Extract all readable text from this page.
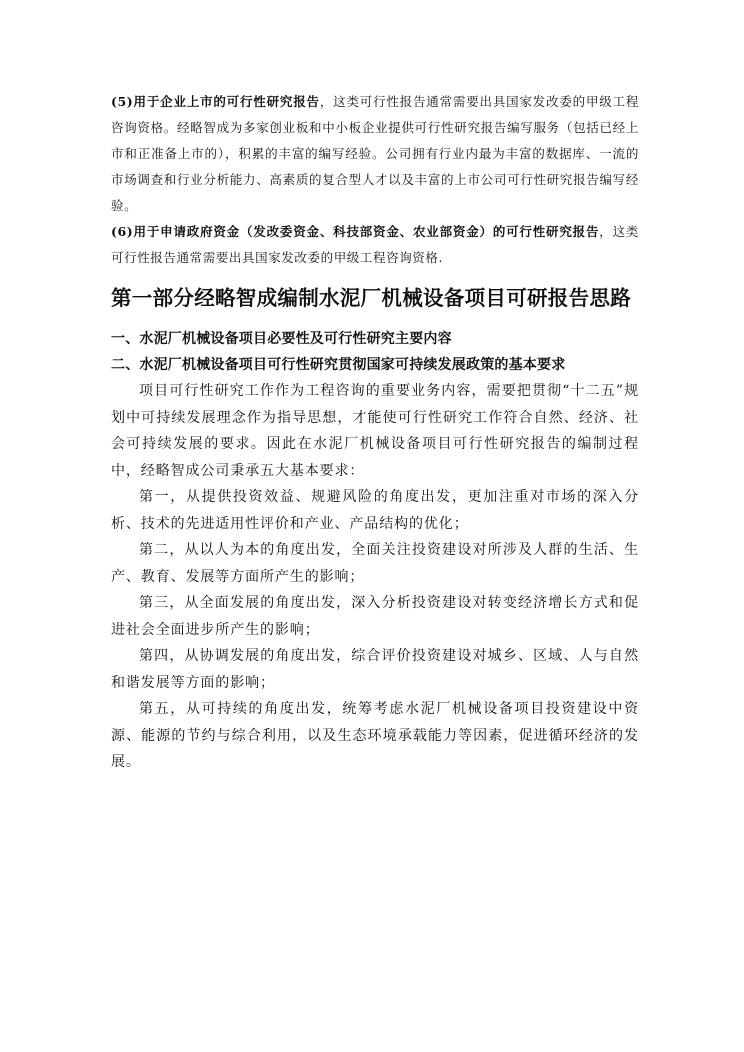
(5)用于企业上市的可行性研究报告，这类可行性报告通常需要出具国家发改委的甲级工程咨询资格。经略智成为多家创业板和中小板企业提供可行性研究报告编写服务（包括已经上市和正准备上市的），积累的丰富的编写经验。公司拥有行业内最为丰富的数据库、一流的市场调查和行业分析能力、高素质的复合型人才以及丰富的上市公司可行性研究报告编写经验。

(6)用于申请政府资金（发改委资金、科技部资金、农业部资金）的可行性研究报告，这类可行性报告通常需要出具国家发改委的甲级工程咨询资格.

第一部分经略智成编制水泥厂机械设备项目可研报告思路
一、水泥厂机械设备项目必要性及可行性研究主要内容
二、水泥厂机械设备项目可行性研究贯彻国家可持续发展政策的基本要求

项目可行性研究工作作为工程咨询的重要业务内容，需要把贯彻“十二五”规划中可持续发展理念作为指导思想，才能使可行性研究工作符合自然、经济、社会可持续发展的要求。因此在水泥厂机械设备项目可行性研究报告的编制过程中，经略智成公司秉承五大基本要求：

第一，从提供投资效益、规避风险的角度出发，更加注重对市场的深入分析、技术的先进适用性评价和产业、产品结构的优化；

第二，从以人为本的角度出发，全面关注投资建设对所涉及人群的生活、生产、教育、发展等方面所产生的影响；

第三，从全面发展的角度出发，深入分析投资建设对转变经济增长方式和促进社会全面进步所产生的影响；

第四，从协调发展的角度出发，综合评价投资建设对城乡、区域、人与自然和谐发展等方面的影响；

第五，从可持续的角度出发，统筹考虑水泥厂机械设备项目投资建设中资源、能源的节约与综合利用，以及生态环境承载能力等因素，促进循环经济的发展。
